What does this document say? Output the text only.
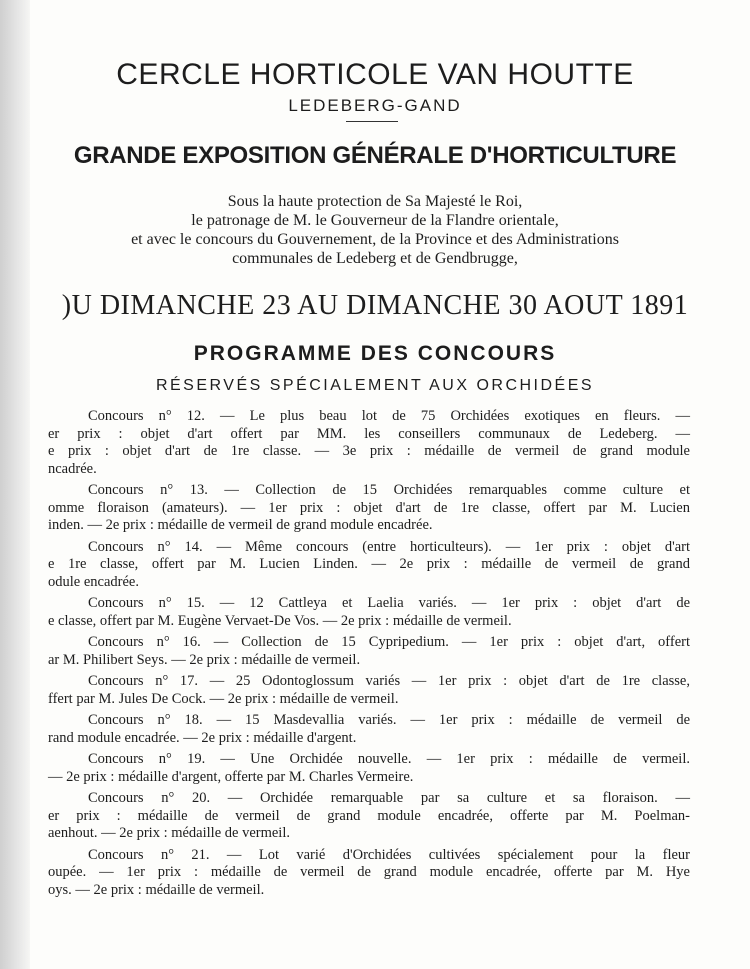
CERCLE HORTICOLE VAN HOUTTE
LEDEBERG-GAND
GRANDE EXPOSITION GÉNÉRALE D'HORTICULTURE
Sous la haute protection de Sa Majesté le Roi,
le patronage de M. le Gouverneur de la Flandre orientale,
et avec le concours du Gouvernement, de la Province et des Administrations
communales de Ledeberg et de Gendbrugge,
)U DIMANCHE 23 AU DIMANCHE 30 AOUT 1891
PROGRAMME DES CONCOURS
RÉSERVÉS SPÉCIALEMENT AUX ORCHIDÉES
Concours n° 12. — Le plus beau lot de 75 Orchidées exotiques en fleurs. —
er prix : objet d'art offert par MM. les conseillers communaux de Ledeberg. —
e prix : objet d'art de 1re classe. — 3e prix : médaille de vermeil de grand module
ncadrée.
Concours n° 13. — Collection de 15 Orchidées remarquables comme culture et
omme floraison (amateurs). — 1er prix : objet d'art de 1re classe, offert par M. Lucien
inden. — 2e prix : médaille de vermeil de grand module encadrée.
Concours n° 14. — Même concours (entre horticulteurs). — 1er prix : objet d'art
e 1re classe, offert par M. Lucien Linden. — 2e prix : médaille de vermeil de grand
odule encadrée.
Concours n° 15. — 12 Cattleya et Laelia variés. — 1er prix : objet d'art de
e classe, offert par M. Eugène Vervaet-De Vos. — 2e prix : médaille de vermeil.
Concours n° 16. — Collection de 15 Cypripedium. — 1er prix : objet d'art, offert
ar M. Philibert Seys. — 2e prix : médaille de vermeil.
Concours n° 17. — 25 Odontoglossum variés — 1er prix : objet d'art de 1re classe,
ffert par M. Jules De Cock. — 2e prix : médaille de vermeil.
Concours n° 18. — 15 Masdevallia variés. — 1er prix : médaille de vermeil de
rand module encadrée. — 2e prix : médaille d'argent.
Concours n° 19. — Une Orchidée nouvelle. — 1er prix : médaille de vermeil.
— 2e prix : médaille d'argent, offerte par M. Charles Vermeire.
Concours n° 20. — Orchidée remarquable par sa culture et sa floraison. —
er prix : médaille de vermeil de grand module encadrée, offerte par M. Poelman-
aenhout. — 2e prix : médaille de vermeil.
Concours n° 21. — Lot varié d'Orchidées cultivées spécialement pour la fleur
oupée. — 1er prix : médaille de vermeil de grand module encadrée, offerte par M. Hye
oys. — 2e prix : médaille de vermeil.
